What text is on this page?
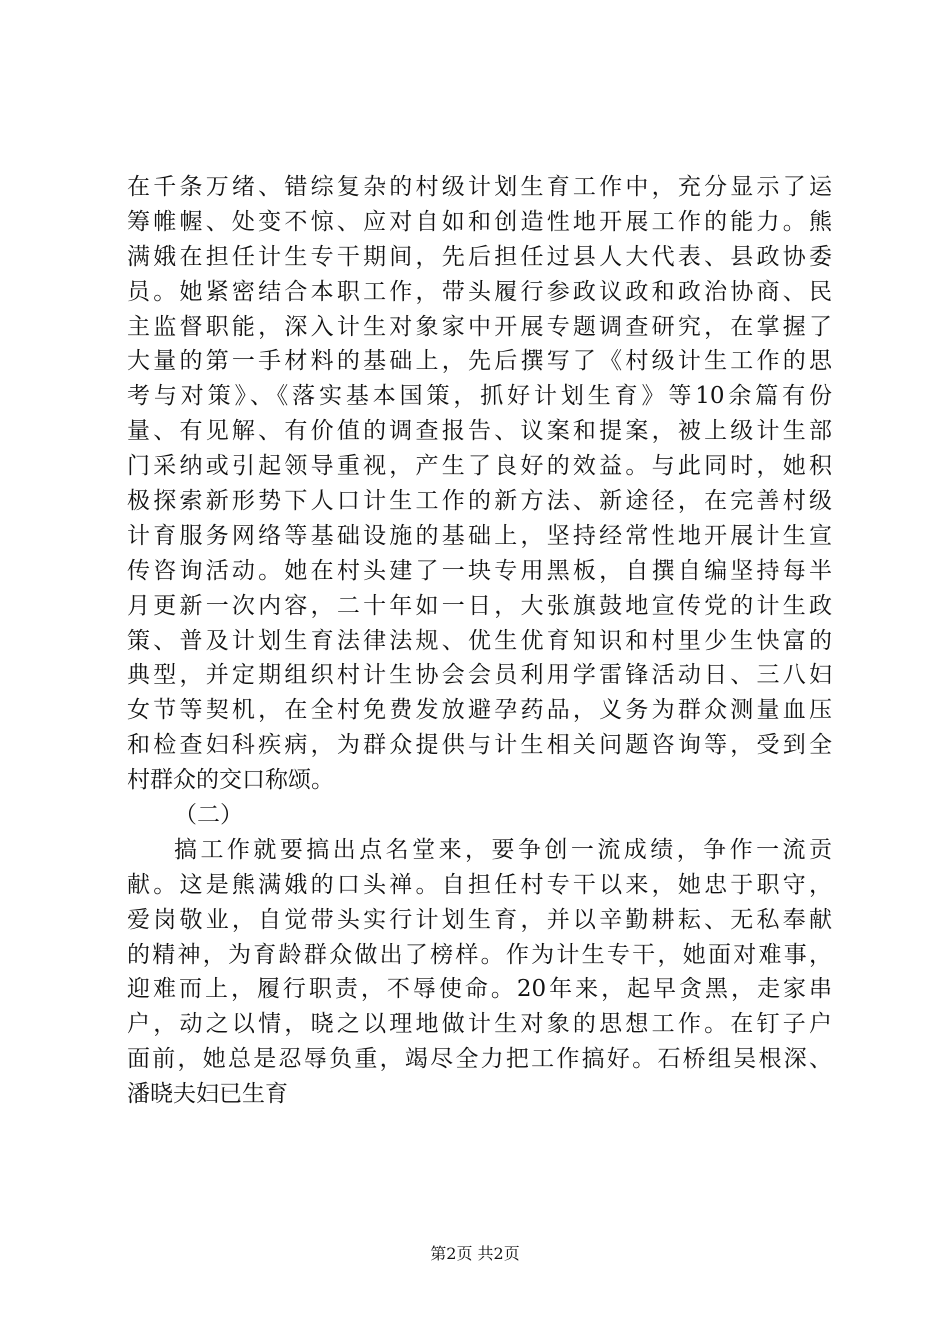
在千条万绪、错综复杂的村级计划生育工作中，充分显示了运
筹帷幄、处变不惊、应对自如和创造性地开展工作的能力。熊
满娥在担任计生专干期间，先后担任过县人大代表、县政协委
员。她紧密结合本职工作，带头履行参政议政和政治协商、民
主监督职能，深入计生对象家中开展专题调查研究，在掌握了
大量的第一手材料的基础上，先后撰写了《村级计生工作的思
考与对策》、《落实基本国策，抓好计划生育》等10余篇有份
量、有见解、有价值的调查报告、议案和提案，被上级计生部
门采纳或引起领导重视，产生了良好的效益。与此同时，她积
极探索新形势下人口计生工作的新方法、新途径，在完善村级
计育服务网络等基础设施的基础上，坚持经常性地开展计生宣
传咨询活动。她在村头建了一块专用黑板，自撰自编坚持每半
月更新一次内容，二十年如一日，大张旗鼓地宣传党的计生政
策、普及计划生育法律法规、优生优育知识和村里少生快富的
典型，并定期组织村计生协会会员利用学雷锋活动日、三八妇
女节等契机，在全村免费发放避孕药品，义务为群众测量血压
和检查妇科疾病，为群众提供与计生相关问题咨询等，受到全
村群众的交口称颂。
（二）
搞工作就要搞出点名堂来，要争创一流成绩，争作一流贡
献。这是熊满娥的口头禅。自担任村专干以来，她忠于职守，
爱岗敬业，自觉带头实行计划生育，并以辛勤耕耘、无私奉献
的精神，为育龄群众做出了榜样。作为计生专干，她面对难事，
迎难而上，履行职责，不辱使命。20年来，起早贪黑，走家串
户，动之以情，晓之以理地做计生对象的思想工作。在钉子户
面前，她总是忍辱负重，竭尽全力把工作搞好。石桥组吴根深、
潘晓夫妇已生育
第2页 共2页
